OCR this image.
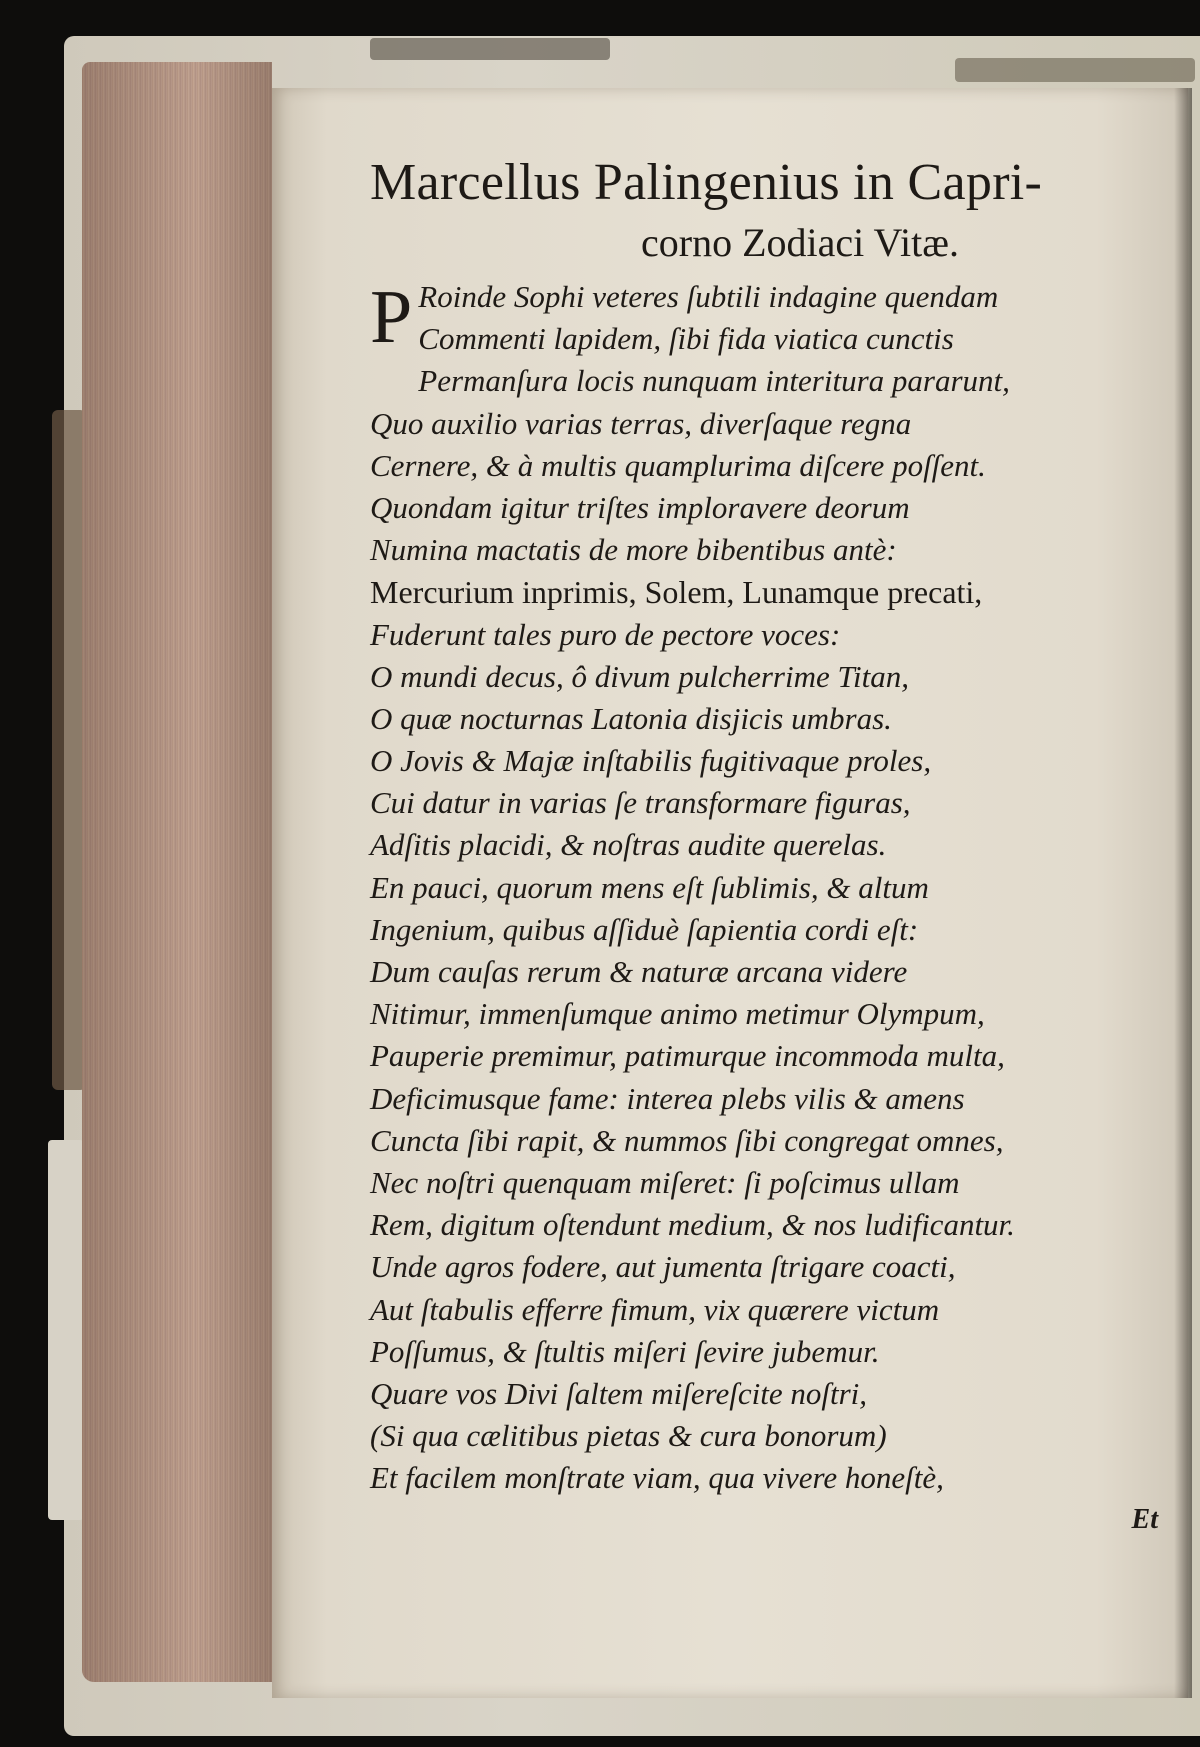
Marcellus Palingenius in Capri-
corno Zodiaci Vitæ.
P Roinde Sophi veteres ſubtili indagine quendam
Commenti lapidem, ſibi fida viatica cunctis
Permanſura locis nunquam interitura pararunt,
Quo auxilio varias terras, diverſaque regna
Cernere, & à multis quamplurima diſcere poſſent.
Quondam igitur triſtes imploravere deorum
Numina mactatis de more bibentibus antè:
Mercurium inprimis, Solem, Lunamque precati,
Fuderunt tales puro de pectore voces:
O mundi decus, ô divum pulcherrime Titan,
O quæ nocturnas Latonia disjicis umbras.
O Jovis & Majæ inſtabilis fugitivaque proles,
Cui datur in varias ſe transformare figuras,
Adſitis placidi, & noſtras audite querelas.
En pauci, quorum mens eſt ſublimis, & altum
Ingenium, quibus aſſiduè ſapientia cordi eſt:
Dum cauſas rerum & naturæ arcana videre
Nitimur, immenſumque animo metimur Olympum,
Pauperie premimur, patimurque incommoda multa,
Deficimusque fame: interea plebs vilis & amens
Cuncta ſibi rapit, & nummos ſibi congregat omnes,
Nec noſtri quenquam miſeret: ſi poſcimus ullam
Rem, digitum oſtendunt medium, & nos ludificantur.
Unde agros fodere, aut jumenta ſtrigare coacti,
Aut ſtabulis efferre fimum, vix quærere victum
Poſſumus, & ſtultis miſeri ſevire jubemur.
Quare vos Divi ſaltem miſereſcite noſtri,
(Si qua cælitibus pietas & cura bonorum)
Et facilem monſtrate viam, qua vivere honeſtè,
Et
